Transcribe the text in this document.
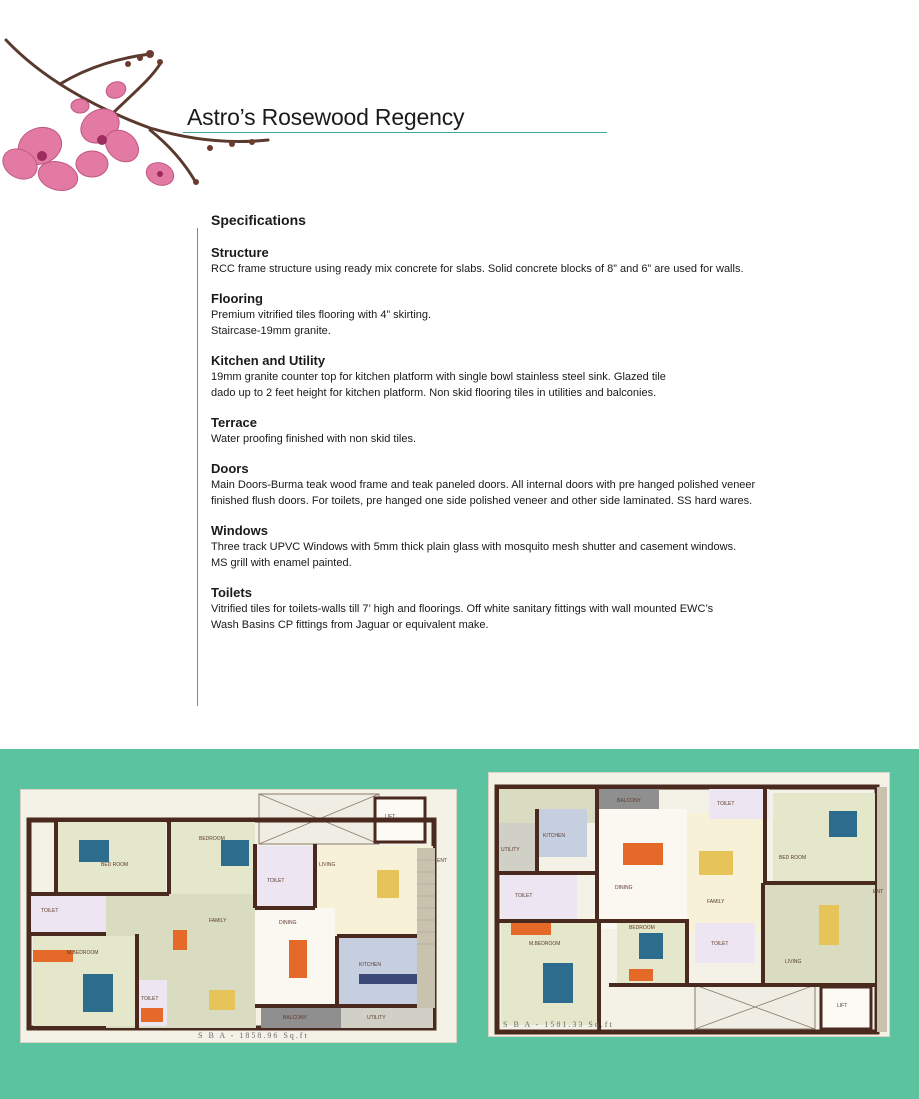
Astro’s Rosewood Regency
Specifications
Structure

RCC frame structure using ready mix concrete for slabs. Solid concrete blocks of 8” and 6” are used for walls.

Flooring

Premium vitrified tiles flooring with 4” skirting.
Staircase-19mm granite.

Kitchen and Utility

19mm granite counter top for kitchen platform with single bowl stainless steel sink. Glazed tile
dado up to 2 feet height for kitchen platform. Non skid flooring tiles in utilities and balconies.

Terrace

Water proofing finished with non skid tiles.

Doors

Main Doors-Burma teak wood frame and teak paneled doors. All internal doors with pre hanged polished veneer
finished flush doors. For toilets, pre hanged one side polished veneer and other side laminated. SS hard wares.

Windows

Three track UPVC Windows with 5mm thick plain glass with mosquito mesh shutter and casement windows.
MS grill with enamel painted.

Toilets

Vitrified tiles for toilets-walls till 7’ high and floorings. Off white sanitary fittings with wall mounted EWC’s
Wash Basins CP fittings from Jaguar or equivalent make.

LIFT
ENT
BED ROOM
BEDROOM
TOILET
TOILET
TOILET
LIVING
FAMILY	DINING
M.BEDROOM
KITCHEN
BALCONY	UTILITY
S B A - 1858.96 Sq.ft
BALCONY
UTILITY
KITCHEN
DINING
FAMILY
BED ROOM
TOILET
TOILET
TOILET
M.BEDROOM
BEDROOM
LIVING
LIFT
ENT
S B A - 1581.33 Sq.ft
